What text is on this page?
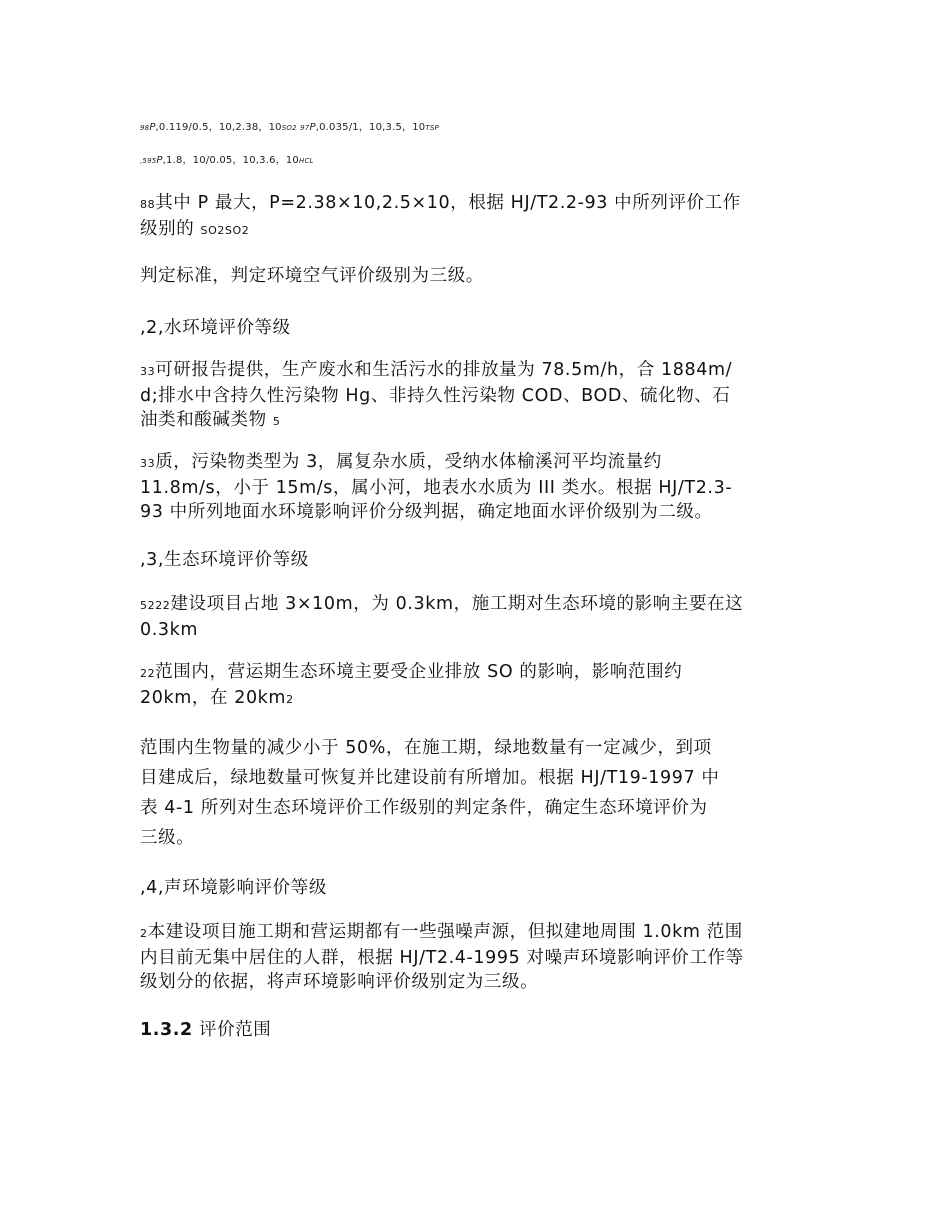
98P,0.119/0.5，10,2.38，10SO2 97P,0.035/1，10,3.5，10TSP
,595P,1.8，10/0.05，10,3.6，10HCL
88其中 P 最大，P=2.38×10,2.5×10，根据 HJ/T2.2-93 中所列评价工作
级别的 SO2SO2
判定标准，判定环境空气评价级别为三级。
,2,水环境评价等级
33可研报告提供，生产废水和生活污水的排放量为 78.5m/h，合 1884m/
d;排水中含持久性污染物 Hg、非持久性污染物 COD、BOD、硫化物、石
油类和酸碱类物 5
33质，污染物类型为 3，属复杂水质，受纳水体榆溪河平均流量约
11.8m/s，小于 15m/s，属小河，地表水水质为 III 类水。根据 HJ/T2.3-
93 中所列地面水环境影响评价分级判据，确定地面水评价级别为二级。
,3,生态环境评价等级
5222建设项目占地 3×10m，为 0.3km，施工期对生态环境的影响主要在这
0.3km
22范围内，营运期生态环境主要受企业排放 SO 的影响，影响范围约
20km，在 20km2
范围内生物量的减少小于 50%，在施工期，绿地数量有一定减少，到项
目建成后，绿地数量可恢复并比建设前有所增加。根据 HJ/T19-1997 中
表 4-1 所列对生态环境评价工作级别的判定条件，确定生态环境评价为
三级。
,4,声环境影响评价等级
2本建设项目施工期和营运期都有一些强噪声源，但拟建地周围 1.0km 范围
内目前无集中居住的人群，根据 HJ/T2.4-1995 对噪声环境影响评价工作等
级划分的依据，将声环境影响评价级别定为三级。
1.3.2 评价范围
